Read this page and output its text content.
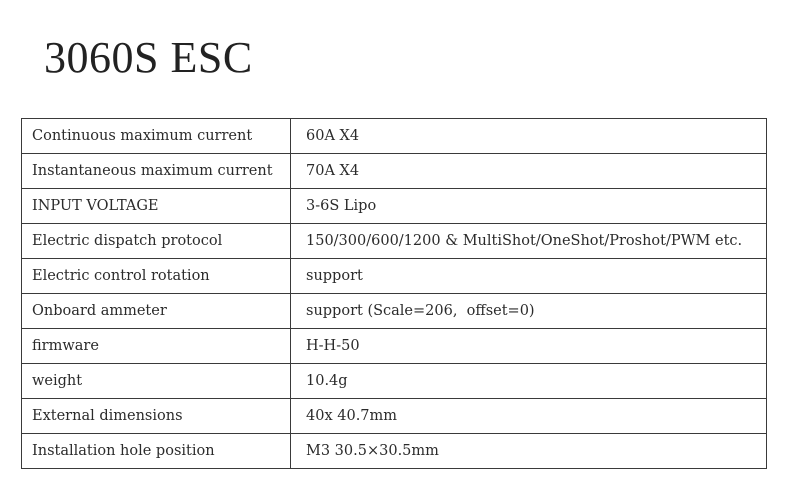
3060S ESC
Continuous maximum current	60A X4
Instantaneous maximum current	70A X4
INPUT VOLTAGE	3-6S Lipo
Electric dispatch protocol	150/300/600/1200 & MultiShot/OneShot/Proshot/PWM etc.
Electric control rotation	support
Onboard ammeter	support (Scale=206,  offset=0)
firmware	H-H-50
weight	10.4g
External dimensions	40x 40.7mm
Installation hole position	M3 30.5×30.5mm
